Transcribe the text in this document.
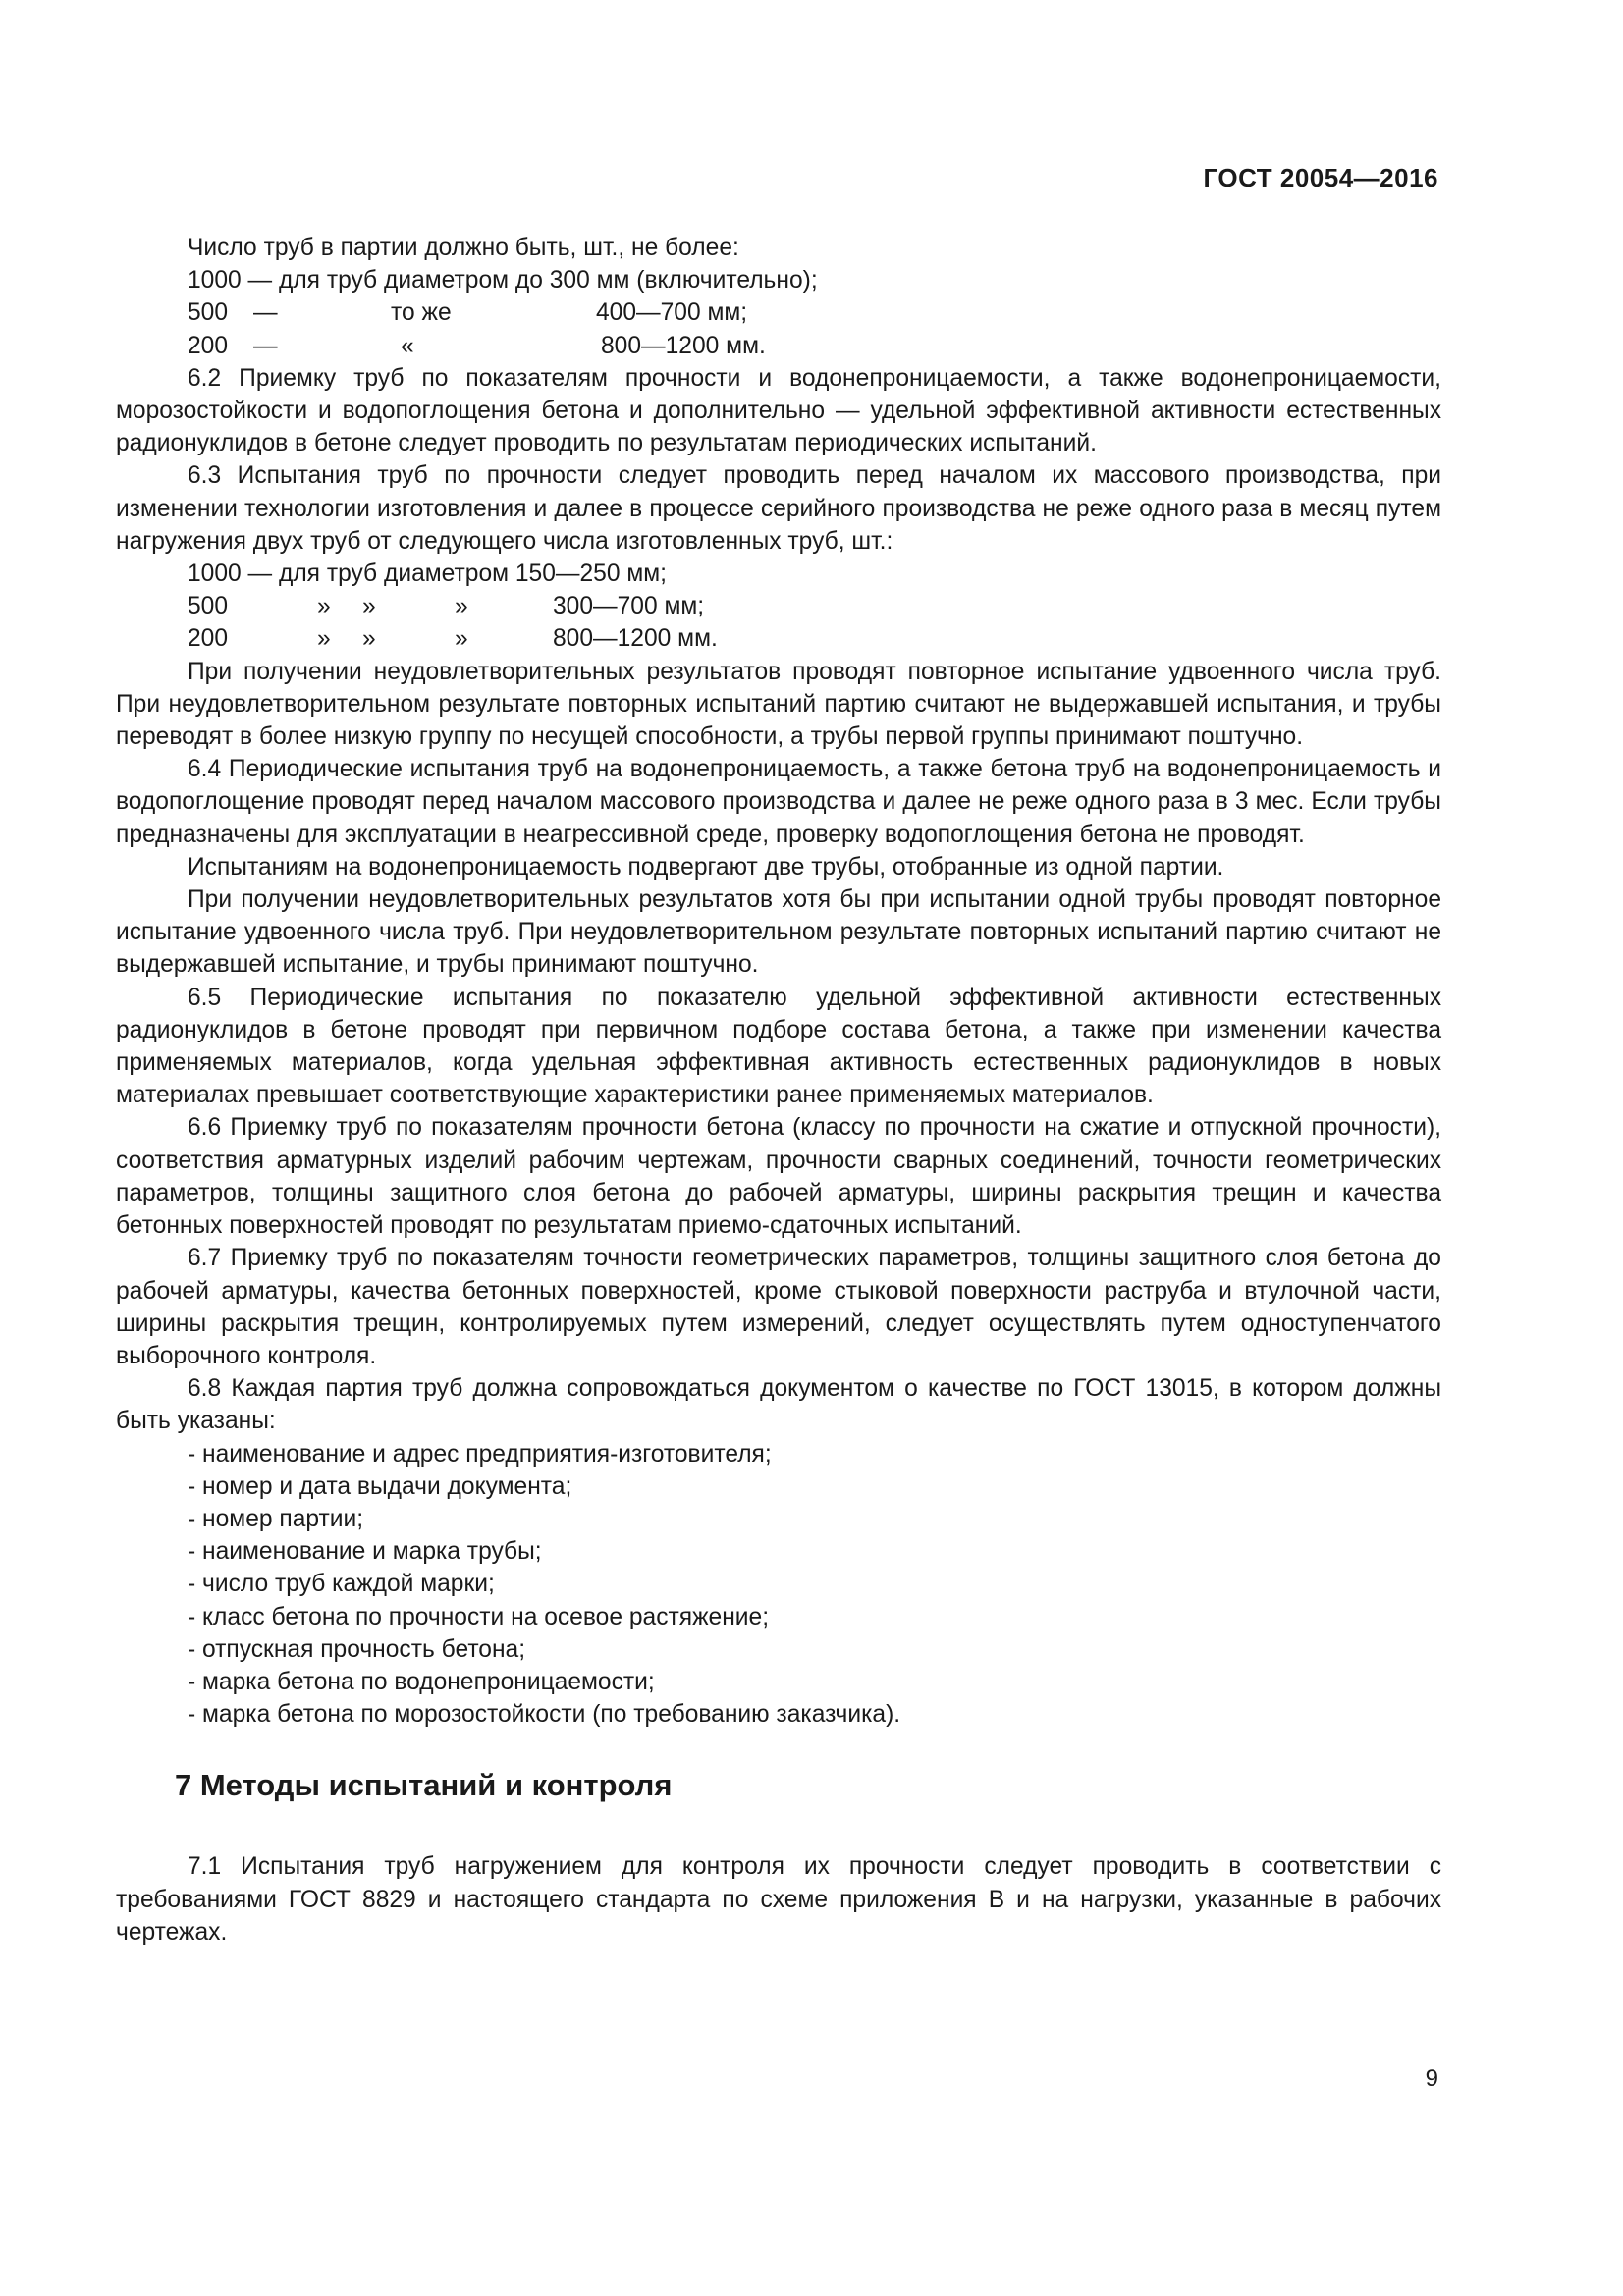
ГОСТ 20054—2016

Число труб в партии должно быть, шт., не более:

1000 — для труб диаметром до 300 мм (включительно);
500	—	то же	400—700 мм;
200	—	«	800—1200 мм.

6.2 Приемку труб по показателям прочности и водонепроницаемости, а также водонепроницаемости, морозостойкости и водопоглощения бетона и дополнительно — удельной эффективной активности естественных радионуклидов в бетоне следует проводить по результатам периодических испытаний.

6.3 Испытания труб по прочности следует проводить перед началом их массового производства, при изменении технологии изготовления и далее в процессе серийного производства не реже одного раза в месяц путем нагружения двух труб от следующего числа изготовленных труб, шт.:

1000 — для труб диаметром 150—250 мм;
500	»	»	»	300—700 мм;
200	»	»	»	800—1200 мм.

При получении неудовлетворительных результатов проводят повторное испытание удвоенного числа труб. При неудовлетворительном результате повторных испытаний партию считают не выдержавшей испытания, и трубы переводят в более низкую группу по несущей способности, а трубы первой группы принимают поштучно.

6.4 Периодические испытания труб на водонепроницаемость, а также бетона труб на водонепроницаемость и водопоглощение проводят перед началом массового производства и далее не реже одного раза в 3 мес. Если трубы предназначены для эксплуатации в неагрессивной среде, проверку водопоглощения бетона не проводят.

Испытаниям на водонепроницаемость подвергают две трубы, отобранные из одной партии.

При получении неудовлетворительных результатов хотя бы при испытании одной трубы проводят повторное испытание удвоенного числа труб. При неудовлетворительном результате повторных испытаний партию считают не выдержавшей испытание, и трубы принимают поштучно.

6.5 Периодические испытания по показателю удельной эффективной активности естественных радионуклидов в бетоне проводят при первичном подборе состава бетона, а также при изменении качества применяемых материалов, когда удельная эффективная активность естественных радионуклидов в новых материалах превышает соответствующие характеристики ранее применяемых материалов.

6.6 Приемку труб по показателям прочности бетона (классу по прочности на сжатие и отпускной прочности), соответствия арматурных изделий рабочим чертежам, прочности сварных соединений, точности геометрических параметров, толщины защитного слоя бетона до рабочей арматуры, ширины раскрытия трещин и качества бетонных поверхностей проводят по результатам приемо-сдаточных испытаний.

6.7 Приемку труб по показателям точности геометрических параметров, толщины защитного слоя бетона до рабочей арматуры, качества бетонных поверхностей, кроме стыковой поверхности раструба и втулочной части, ширины раскрытия трещин, контролируемых путем измерений, следует осуществлять путем одноступенчатого выборочного контроля.

6.8 Каждая партия труб должна сопровождаться документом о качестве по ГОСТ 13015, в котором должны быть указаны:

- наименование и адрес предприятия-изготовителя;

- номер и дата выдачи документа;

- номер партии;

- наименование и марка трубы;

- число труб каждой марки;

- класс бетона по прочности на осевое растяжение;

- отпускная прочность бетона;

- марка бетона по водонепроницаемости;

- марка бетона по морозостойкости (по требованию заказчика).

7 Методы испытаний и контроля

7.1 Испытания труб нагружением для контроля их прочности следует проводить в соответствии с требованиями ГОСТ 8829 и настоящего стандарта по схеме приложения В и на нагрузки, указанные в рабочих чертежах.

9
